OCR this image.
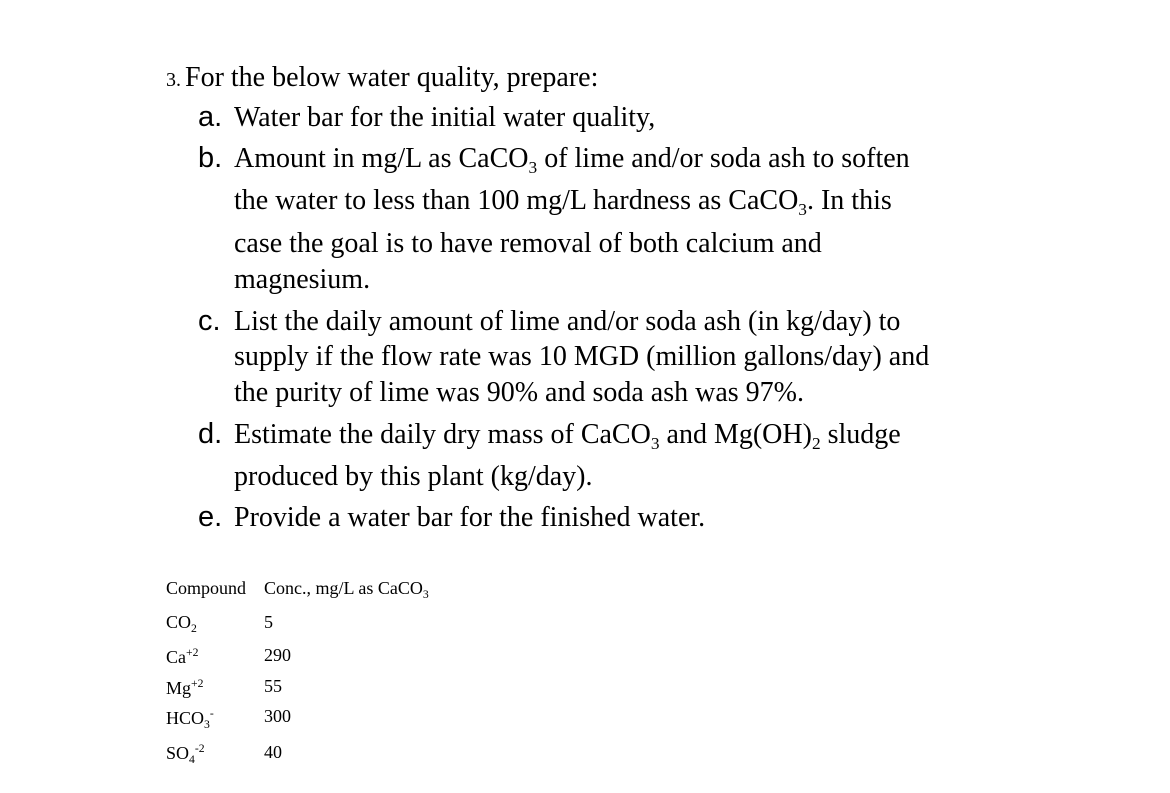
3. For the below water quality, prepare:
a. Water bar for the initial water quality,
b. Amount in mg/L as CaCO$_3$ of lime and/or soda ash to soften
the water to less than 100 mg/L hardness as CaCO$_3$. In this
case the goal is to have removal of both calcium and
magnesium.
c. List the daily amount of lime and/or soda ash (in kg/day) to
supply if the flow rate was 10 MGD (million gallons/day) and
the purity of lime was 90% and soda ash was 97%.
d. Estimate the daily dry mass of CaCO$_3$ and $Mg(OH)_2$ sludge
produced by this plant (kg/day).
e. Provide a water bar for the finished water.
Compound Conc., mg/L as CaCO$_3$
$CO_2$	5
$Ca^{+2}$	290
$Mg^{+2}$	55
$HCO_3^-$	300
$SO_4^{-2}$	40
